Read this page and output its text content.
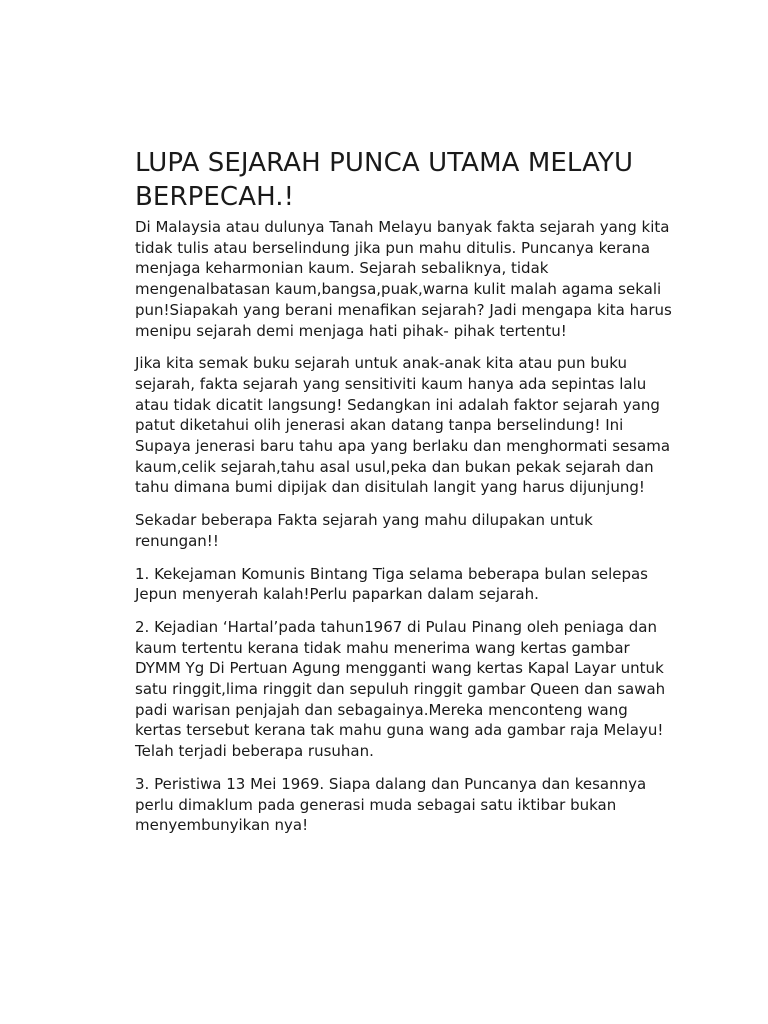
LUPA SEJARAH PUNCA UTAMA MELAYU BERPECAH.!

Di Malaysia atau dulunya Tanah Melayu banyak fakta sejarah yang kita tidak tulis atau berselindung jika pun mahu ditulis. Puncanya kerana menjaga keharmonian kaum. Sejarah sebaliknya, tidak mengenalbatasan kaum,bangsa,puak,warna kulit malah agama sekali pun!Siapakah yang berani menafikan sejarah? Jadi mengapa kita harus menipu sejarah demi menjaga hati pihak- pihak tertentu!

Jika kita semak buku sejarah untuk anak-anak kita atau pun buku sejarah, fakta sejarah yang sensitiviti kaum hanya ada sepintas lalu atau tidak dicatit langsung! Sedangkan ini adalah faktor sejarah yang patut diketahui olih jenerasi akan datang tanpa berselindung! Ini Supaya jenerasi baru tahu apa yang berlaku dan menghormati sesama kaum,celik sejarah,tahu asal usul,peka dan bukan pekak sejarah dan tahu dimana bumi dipijak dan disitulah langit yang harus dijunjung!

Sekadar beberapa Fakta sejarah yang mahu dilupakan untuk renungan!!

1. Kekejaman Komunis Bintang Tiga selama beberapa bulan selepas Jepun menyerah kalah!Perlu paparkan dalam sejarah.

2. Kejadian ‘Hartal’pada tahun1967 di Pulau Pinang oleh peniaga dan kaum tertentu kerana tidak mahu menerima wang kertas gambar DYMM Yg Di Pertuan Agung mengganti wang kertas Kapal Layar untuk satu ringgit,lima ringgit dan sepuluh ringgit gambar Queen dan sawah padi warisan penjajah dan sebagainya.Mereka menconteng wang kertas tersebut kerana tak mahu guna wang ada gambar raja Melayu! Telah terjadi beberapa rusuhan.

3. Peristiwa 13 Mei 1969. Siapa dalang dan Puncanya dan kesannya perlu dimaklum pada generasi muda sebagai satu iktibar bukan menyembunyikan nya!
